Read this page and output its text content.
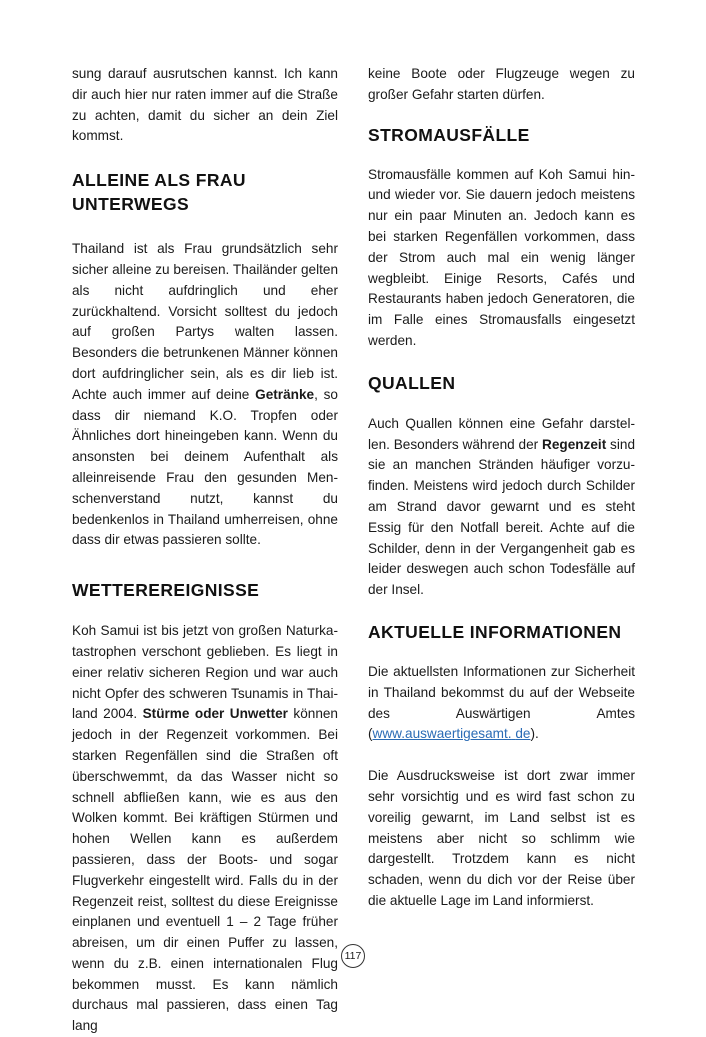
sung darauf ausrutschen kannst. Ich kann dir auch hier nur raten immer auf die Straße zu achten, damit du sicher an dein Ziel kommst.

ALLEINE ALS FRAU
UNTERWEGS

Thailand ist als Frau grundsätzlich sehr sicher alleine zu bereisen. Thailänder gelten als nicht aufdringlich und eher zurückhaltend. Vorsicht solltest du jedoch auf großen Partys walten lassen. Besonders die betrunkenen Männer können dort aufdringlicher sein, als es dir lieb ist. Achte auch immer auf deine Getränke, so dass dir niemand K.O. Tropfen oder Ähnliches dort hineingeben kann. Wenn du ansonsten bei deinem Aufenthalt als alleinreisende Frau den gesunden Menschenverstand nutzt, kannst du bedenkenlos in Thailand umherreisen, ohne dass dir etwas passieren sollte.

WETTEREREIGNISSE

Koh Samui ist bis jetzt von großen Naturkatastrophen verschont geblieben. Es liegt in einer relativ sicheren Region und war auch nicht Opfer des schweren Tsunamis in Thailand 2004. Stürme oder Unwetter können jedoch in der Regenzeit vorkommen. Bei starken Regenfällen sind die Straßen oft überschwemmt, da das Wasser nicht so schnell abfließen kann, wie es aus den Wolken kommt. Bei kräftigen Stürmen und hohen Wellen kann es außerdem passieren, dass der Boots- und sogar Flugverkehr eingestellt wird. Falls du in der Regenzeit reist, solltest du diese Ereignisse einplanen und eventuell 1 – 2 Tage früher abreisen, um dir einen Puffer zu lassen, wenn du z.B. einen internationalen Flug bekommen musst. Es kann nämlich durchaus mal passieren, dass einen Tag lang

keine Boote oder Flugzeuge wegen zu großer Gefahr starten dürfen.

STROMAUSFÄLLE

Stromausfälle kommen auf Koh Samui hinund wieder vor. Sie dauern jedoch meistens nur ein paar Minuten an. Jedoch kann es bei starken Regenfällen vorkommen, dass der Strom auch mal ein wenig länger wegbleibt. Einige Resorts, Cafés und Restaurants haben jedoch Generatoren, die im Falle eines Stromausfalls eingesetzt werden.

QUALLEN

Auch Quallen können eine Gefahr darstellen. Besonders während der Regenzeit sind sie an manchen Stränden häufiger vorzufinden. Meistens wird jedoch durch Schilder am Strand davor gewarnt und es steht Essig für den Notfall bereit. Achte auf die Schilder, denn in der Vergangenheit gab es leider deswegen auch schon Todesfälle auf der Insel.

AKTUELLE INFORMATIONEN

Die aktuellsten Informationen zur Sicherheit in Thailand bekommst du auf der Webseite des Auswärtigen Amtes (www.auswaertigesamt. de).

Die Ausdrucksweise ist dort zwar immer sehr vorsichtig und es wird fast schon zu voreilig gewarnt, im Land selbst ist es meistens aber nicht so schlimm wie dargestellt. Trotzdem kann es nicht schaden, wenn du dich vor der Reise über die aktuelle Lage im Land informierst.

117
